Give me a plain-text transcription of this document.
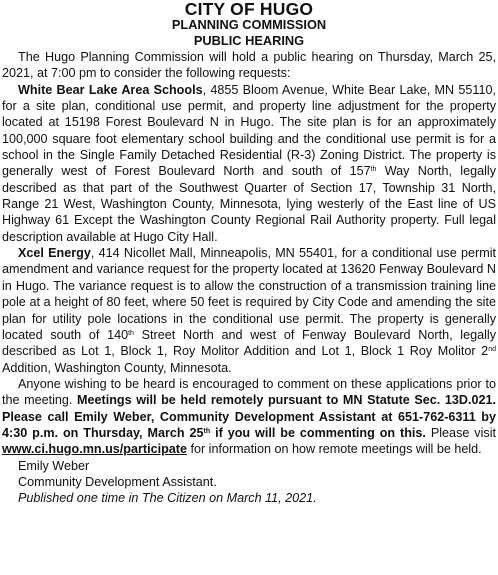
CITY OF HUGO
PLANNING COMMISSION
PUBLIC HEARING

The Hugo Planning Commission will hold a public hearing on Thursday, March 25, 2021, at 7:00 pm to consider the following requests:

White Bear Lake Area Schools, 4855 Bloom Avenue, White Bear Lake, MN 55110, for a site plan, conditional use permit, and property line adjustment for the property located at 15198 Forest Boulevard N in Hugo. The site plan is for an approximately 100,000 square foot elementary school building and the conditional use permit is for a school in the Single Family Detached Residential (R-3) Zoning District. The property is generally west of Forest Boulevard North and south of 157th Way North, legally described as that part of the Southwest Quarter of Section 17, Township 31 North, Range 21 West, Washington County, Minnesota, lying westerly of the East line of US Highway 61 Except the Washington County Regional Rail Authority property. Full legal description available at Hugo City Hall.

Xcel Energy, 414 Nicollet Mall, Minneapolis, MN 55401, for a conditional use permit amendment and variance request for the property located at 13620 Fenway Boulevard N in Hugo. The variance request is to allow the construction of a transmission training line pole at a height of 80 feet, where 50 feet is required by City Code and amending the site plan for utility pole locations in the conditional use permit. The property is generally located south of 140th Street North and west of Fenway Boulevard North, legally described as Lot 1, Block 1, Roy Molitor Addition and Lot 1, Block 1 Roy Molitor 2nd Addition, Washington County, Minnesota.

Anyone wishing to be heard is encouraged to comment on these applications prior to the meeting. Meetings will be held remotely pursuant to MN Statute Sec. 13D.021. Please call Emily Weber, Community Development Assistant at 651-762-6311 by 4:30 p.m. on Thursday, March 25th if you will be commenting on this. Please visit www.ci.hugo.mn.us/participate for information on how remote meetings will be held.

Emily Weber

Community Development Assistant.

Published one time in The Citizen on March 11, 2021.
